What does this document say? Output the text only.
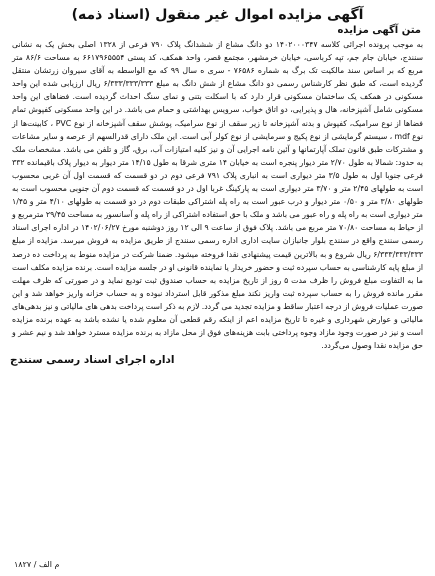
آگهی مزایده اموال غیر منقول (اسناد ذمه)
متن آگهی مزایده

به موجب پرونده اجرائی کلاسه ۱۴۰۲۰۰۰۳۴۷ دو دانگ مشاع از ششدانگ پلاک ۷۹۰ فرعی از ۱۳۲۸ اصلی بخش یک به نشانی سنندج، خیابان جام جم، تپه کرباسی، خیابان خرمشهر، مجتمع قصر، واحد همکف، کد پستی ۶۶۱۷۹۶۵۵۵۴ به مساحت ۸۶/۶ متر مربع که بر اساس سند مالکیت تک برگ به شماره ۷۶۵۸۶ - سری ه سال ۹۹ که مع الواسطه به آقای سیروان زرتشان منتقل گردیده است، که طبق نظر کارشناس رسمی دو دانگ مشاع از شش دانگ به مبلغ ۶/۳۳۳/۳۳۳/۳۳۳ ریال ارزیابی شده این واحد مسکونی در همکف یک ساختمان مسکونی قرار دارد که با اسکلت بتنی و نمای سنگ احداث گردیده است. فضاهای این واحد مسکونی شامل آشپزخانه، هال و پذیرایی، دو اتاق خواب، سرویس بهداشتی و حمام می باشد. در این واحد مسکونی کفپوش تمام فضاها از نوع سرامیک، کفپوش و بدنه آشپزخانه تا زیر سقف از نوع سرامیک، پوشش سقف آشپزخانه از نوع PVC ، کابینت‌ها از نوع mdf ، سیستم گرمایشی از نوع پکیج و سرمایشی از نوع کولر آبی است. این ملک دارای قدرالسهم از عرصه و سایر مشاعات و مشترکات طبق قانون تملک آپارتمانها و آئین نامه اجرایی آن و نیز کلیه امتیازات آب، برق، گاز و تلفن می باشد. مشخصات ملک به حدود: شمالا به طول ۲/۷۰ متر دیوار پنجره است به خیابان ۱۴ متری شرقا به طول ۱۴/۱۵ متر دیوار به دیوار پلاک باقیمانده ۳۳۲ فرعی جنوبا اول به طول ۳/۵ متر دیواری است به انباری پلاک ۷۹۱ فرعی دوم در دو قسمت که قسمت اول آن غربی محسوب است به طولهای ۲/۴۵ متر و ۳/۷۰ متر دیواری است به پارکینگ غربا اول در دو قسمت که قسمت دوم آن جنوبی محسوب است به طولهای ۳/۸۰ متر و ۰/۵۰ متر دیوار و درب عبور است به راه پله اشتراکی طبقات دوم در دو قسمت به طولهای ۴/۱۰ متر و ۱/۴۵ متر دیواری است به راه پله و راه عبور می باشد و ملک با حق استفاده اشتراکی از راه پله و آسانسور به مساحت ۲۹/۴۵ مترمربع و از حیاط به مساحت ۷۰/۸۰ متر مربع می باشد. پلاک فوق از ساعت ۹ الی ۱۲ روز دوشنبه مورخ ۱۴۰۲/۰۶/۲۷ در اداره اجرای اسناد رسمی سنندج واقع در سنندج بلوار جانبازان سایت اداری اداره رسمی سنندج از طریق مزایده به فروش میرسد. مزایده از مبلغ ۶/۳۳۳/۳۳۳/۳۳۳ ریال شروع و به بالاترین قیمت پیشنهادی نقدا فروخته میشود. ضمنا شرکت در مزایده منوط به پرداخت ده درصد از مبلغ پایه کارشناسی به حساب سپرده ثبت و حضور خریدار یا نماینده قانونی او در جلسه مزایده است. برنده مزایده مکلف است ما به التفاوت مبلغ فروش را ظرف مدت ۵ روز از تاریخ مزایده به حساب صندوق ثبت تودیع نماید و در صورتی که ظرف مهلت مقرر مانده فروش را به حساب سپرده ثبت واریز نکند مبلغ مذکور قابل استرداد نبوده و به حساب خزانه واریز خواهد شد و این صورت عملیات فروش از درجه اعتبار ساقط و مزایده تجدید می گردد. لازم به ذکر است پرداخت بدهی های مالیاتی و نیز بدهی‌های مالیاتی و عوارض شهرداری و غیره تا تاریخ مزایده اعم از اینکه رقم قطعی آن معلوم شده یا نشده باشد به عهده برنده مزایده است و نیز در صورت وجود مازاد وجوه پرداختی بابت هزینه‌های فوق از محل مازاد به برنده مزایده مسترد خواهد شد و نیم عشر و حق مزایده نقدا وصول می‌گردد.

اداره اجرای اسناد رسمی سنندج
م الف / ۱۸۲۷
